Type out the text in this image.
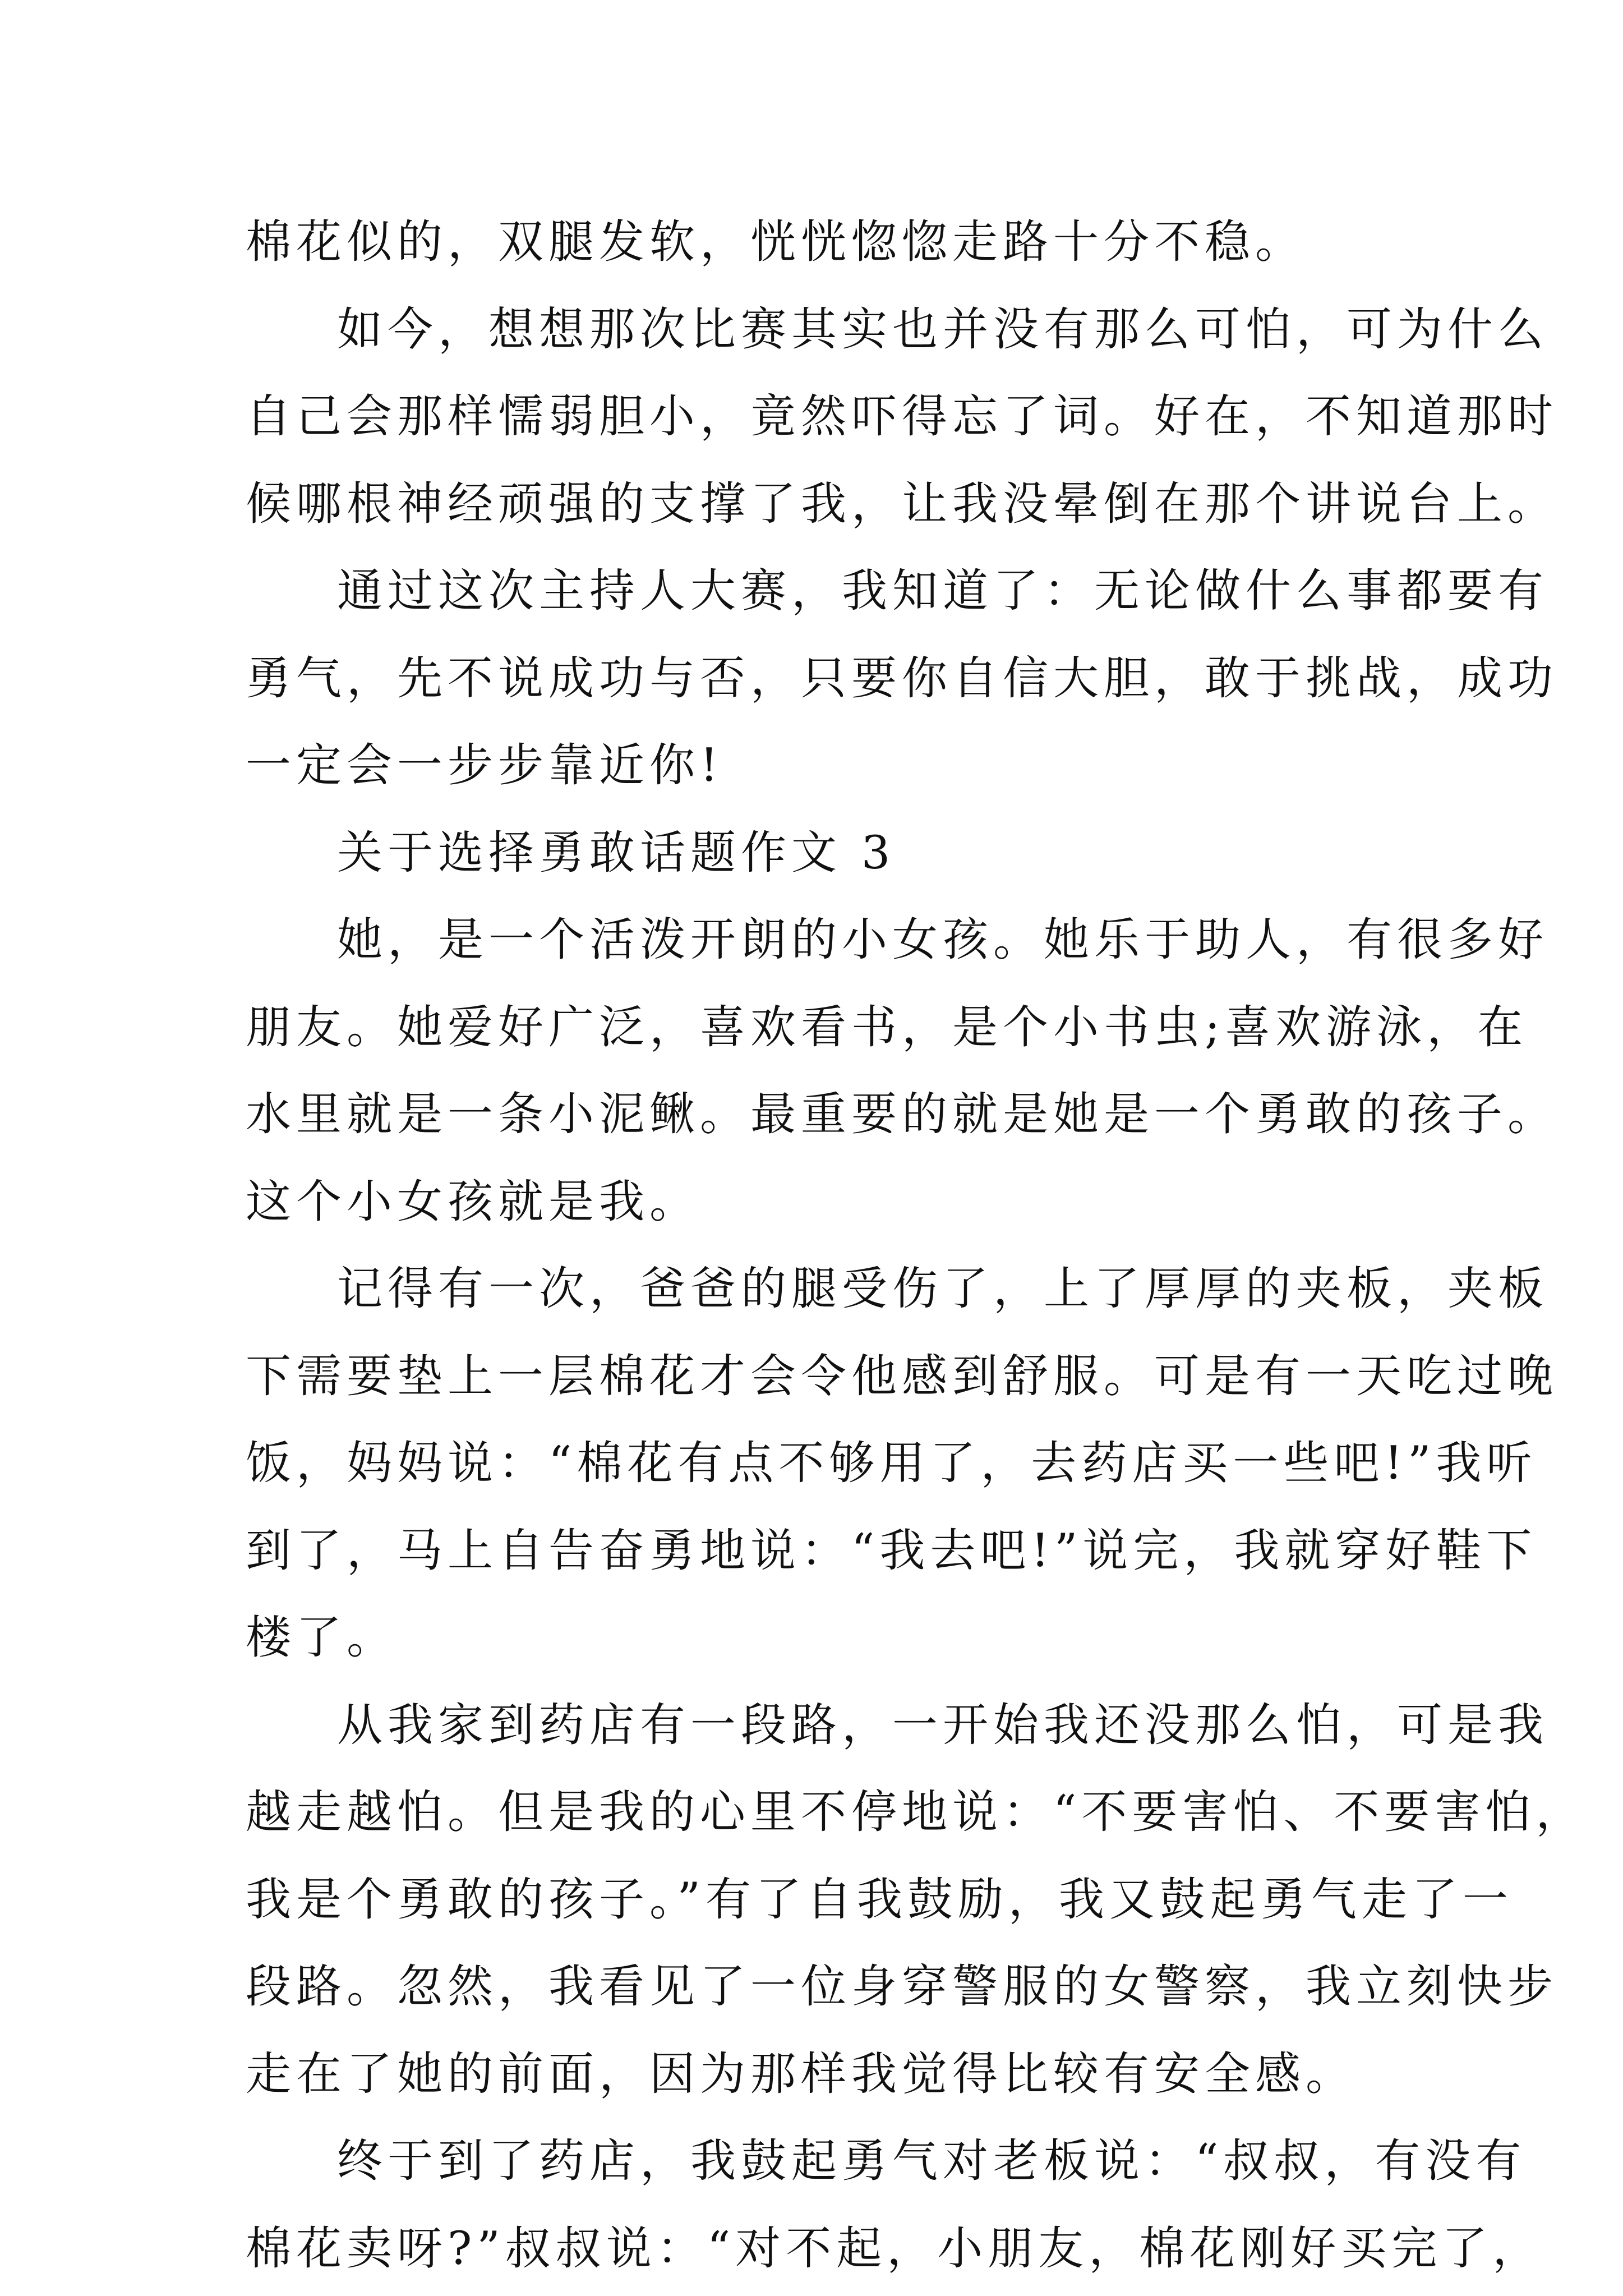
棉花似的，双腿发软，恍恍惚惚走路十分不稳。
如今，想想那次比赛其实也并没有那么可怕，可为什么
自己会那样懦弱胆小，竟然吓得忘了词。好在，不知道那时
候哪根神经顽强的支撑了我，让我没晕倒在那个讲说台上。
通过这次主持人大赛，我知道了：无论做什么事都要有
勇气，先不说成功与否，只要你自信大胆，敢于挑战，成功
一定会一步步靠近你!
关于选择勇敢话题作文 3
她，是一个活泼开朗的小女孩。她乐于助人，有很多好
朋友。她爱好广泛，喜欢看书，是个小书虫;喜欢游泳，在
水里就是一条小泥鳅。最重要的就是她是一个勇敢的孩子。
这个小女孩就是我。
记得有一次，爸爸的腿受伤了，上了厚厚的夹板，夹板
下需要垫上一层棉花才会令他感到舒服。可是有一天吃过晚
饭，妈妈说：“棉花有点不够用了，去药店买一些吧!”我听
到了，马上自告奋勇地说：“我去吧!”说完，我就穿好鞋下
楼了。
从我家到药店有一段路，一开始我还没那么怕，可是我
越走越怕。但是我的心里不停地说：“不要害怕、不要害怕，
我是个勇敢的孩子。”有了自我鼓励，我又鼓起勇气走了一
段路。忽然，我看见了一位身穿警服的女警察，我立刻快步
走在了她的前面，因为那样我觉得比较有安全感。
终于到了药店，我鼓起勇气对老板说：“叔叔，有没有
棉花卖呀?”叔叔说：“对不起，小朋友，棉花刚好买完了，
